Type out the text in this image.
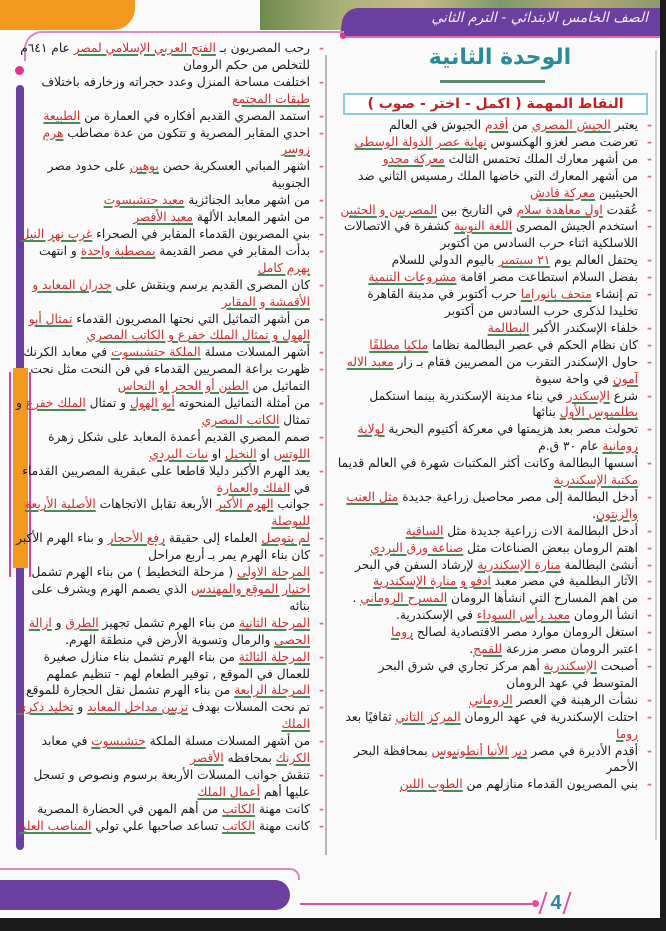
الصف الخامس الابتدائي - الترم الثاني
الوحدة الثانية
النقاط المهمة ( اكمل - اختر - صوب )
-
يعتبر الجيش المصري من أقدم الجيوش في العالم
-
تعرضت مصر لغزو الهكسوس نهاية عصر الدولة الوسطى
-
من أشهر معارك الملك تحتمس الثالث معركة مجدو
-
من أشهر المعارك التي خاضها الملك رمسيس الثاني ضد الحيثيين معركة قادش
-
عُقدت اول معاهدة سلام في التاريخ بين المصريين و الحثيين
-
استخدم الجيش المصرى اللغة النوبية كشفرة في الاتصالات اللاسلكية اثناء حرب السادس من أكتوبر
-
يحتفل العالم يوم ٢١ سبتمبر باليوم الدولي للسلام
-
بفضل السلام استطاعت مصر اقامة مشروعات التنمية
-
تم إنشاء متحف بانوراما حرب أكتوبر في مدينة القاهرة تخليدا لذكرى حرب السادس من أكتوبر
-
خلفاء الإسكندر الأكبر البطالمة
-
كان نظام الحكم في عصر البطالمة نظاما ملكيا مطلقًا
-
حاول الإسكندر التقرب من المصريين فقام بـ زار معبد الاله آمون في واحة سيوة
-
شرع الإسكندر في بناء مدينة الإسكندرية بينما استكمل بطلميوس الأول بنائها
-
تحولت مصر بعد هزيمتها في معركة أكتيوم البحرية لولاية رومانية عام ٣٠ ق.م
-
أسسها البطالمة وكانت أكثر المكتبات شهرة في العالم قديما مكتبة الإسكندرية
-
أدخل البطالمة إلى مصر محاصيل زراعية جديدة مثل العنب والزيتون.
-
أدخل البطالمة الات زراعية جديدة مثل الساقية
-
اهتم الرومان ببعض الصناعات مثل صناعة ورق البردي
-
أنشئ البطالمة منارة الإسكندرية لإرشاد السفن في البحر
-
الآثار البطلمية في مصر معبد ادفو و منارة الإسكندرية
-
من اهم المسارح التي انشأها الرومان المسرح الروماني .
-
انشأ الرومان معبد رأس السوداء في الإسكندرية.
-
استغل الرومان موارد مصر الاقتصادية لصالح روما
-
اعتبر الرومان مصر مزرعة للقمح.
-
أصبحت الإسكندرية أهم مركز تجاري في شرق البحر المتوسط في عهد الرومان
-
نشأت الرهبنة في العصر الروماني
-
احتلت الإسكندرية في عهد الرومان المركز الثاني ثقافيًا بعد روما
-
أقدم الأديرة في مصر دير الأنبا أنطونيوس بمحافظة البحر الأحمر
-
بني المصريون القدماء منازلهم من الطوب اللبن
-
رحب المصريون بـ الفتح العربي الإسلامي لمصر عام ٦٤١م للتخلص من حكم الرومان
-
اختلفت مساحة المنزل وعدد حجراته وزخارفه باختلاف طبقات المجتمع
-
استمد المصري القديم أفكاره في العمارة من الطبيعة
-
احدي المقابر المصرية و تتكون من عدة مصاطب هرم زوسر
-
اشهر المباني العسكرية حصن بوهين على حدود مصر الجنوبية
-
من اشهر معابد الجنائزية معبد حتشبسوت
-
من اشهر المعابد الألهة معبد الأقصر
-
بني المصريون القدماء المقابر في الصحراء غرب نهر النيل
-
بدأت المقابر في مصر القديمة بمصطبة واحدة و انتهت بهرم كامل
-
كان المصرى القديم يرسم وينقش على جدران المعابد و الأقمشة و المقابر
-
من أشهر التماثيل التي نحتها المصريون القدماء تمثال أبو الهول و تمثال الملك خفرع و الكاتب المصري
-
أشهر المسلات مسلة الملكة حتشبسوت في معابد الكرنك
-
ظهرت براعة المصريين القدماء في فن النحت مثل نحت التماثيل من الطين أو الحجر او النحاس
-
من أمثلة التماثيل المنحوته أبو الهول و تمثال الملك خفرع و تمثال الكاتب المصري
-
صمم المصري القديم أعمدة المعابد على شكل زهرة اللوتس او النخيل او نبات البردي
-
يعد الهرم الأكبر دليلا قاطعا على عبقرية المصريين القدماء في الفلك والعمارة
-
جوانب الهرم الأكبر الأربعة تقابل الاتجاهات الأصلية الأربعة للبوصلة
-
لم يتوصل العلماء إلى حقيقة رفع الأحجار و بناء الهرم الأكبر
-
كان بناء الهرم يمر بـ أربع مراحل
-
المرحلة الاولى ( مرحلة التخطيط ) من بناء الهرم تشمل اختيار الموقع والمهندس الذي يصمم الهرم ويشرف على بنائه
-
المرحلة الثانية من بناء الهرم تشمل تجهيز الطرق و ازالة الحصى والرمال وتسوية الأرض في منطقة الهرم.
-
المرحلة الثالثة من بناء الهرم تشمل بناء منازل صغيرة للعمال في الموقع , توفير الطعام لهم - تنظيم عملهم
-
المرحلة الرابعة من بناء الهرم تشمل نقل الحجارة للموقع
-
تم نحت المسلات بهدف تزيين مداخل المعابد و تخليد ذكرى الملك
-
من أشهر المسلات مسلة الملكة حتشبسوت في معابد الكرنك بمحافظه الأقصر
-
تنقش جوانب المسلات الأربعة برسوم ونصوص و تسجل عليها أهم أعمال الملك
-
كانت مهنة الكاتب من أهم المهن في الحضارة المصرية
-
كانت مهنة الكاتب تساعد صاحبها علي تولي المناصب العليا
4
